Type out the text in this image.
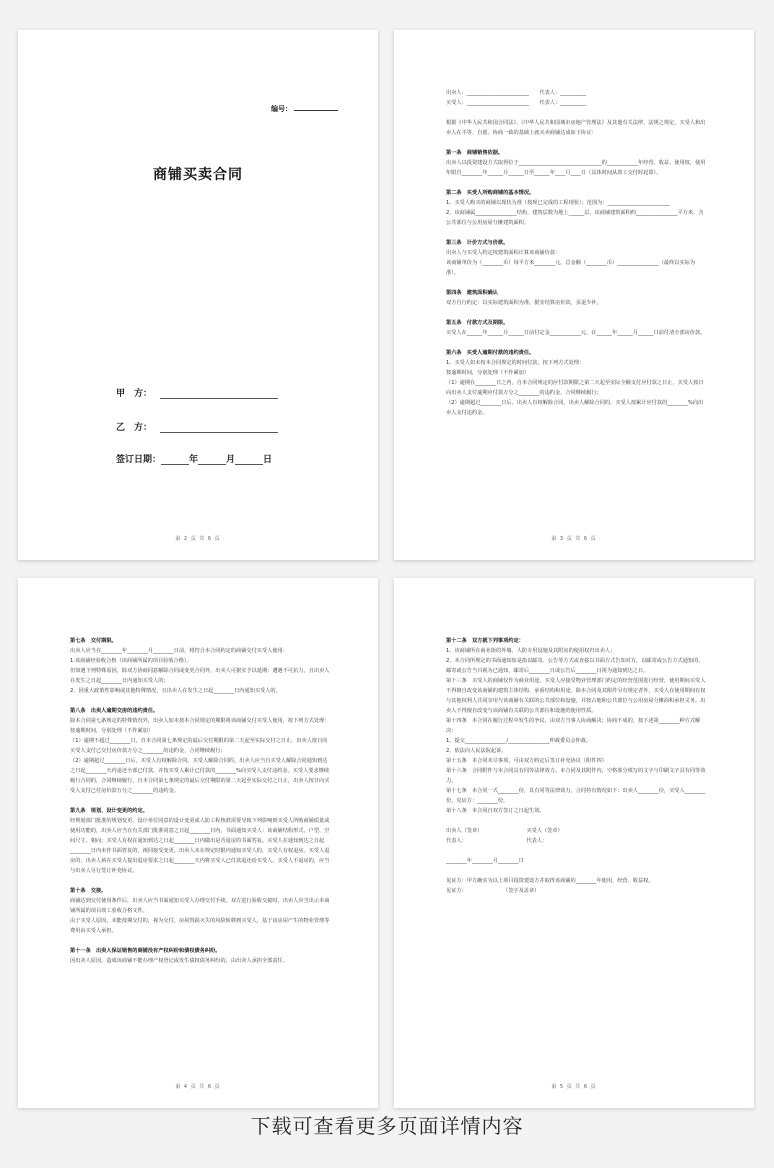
编号：
商铺买卖合同
甲　方：
乙　方：
签订日期：	年	月	日
第 2 页 共 6 页

出卖人：________________________　　代表人：__________

买受人：________________________　　代表人：__________

根据《中华人民共和国合同法》、《中华人民共和国城市房地产管理法》及其他有关法律、法规之规定，买受人和出卖人在平等、自愿、协商一致的基础上就买卖商铺达成如下协议：

第一条　商铺销售依据。

出卖人以投资建设方式取得位于________________________________的____________年经营、收益、使用权，使用年限自________年______月______日至______年____月____日（具体时间从竣工交付时起算）。

第二条　买受人所购商铺的基本情况。

1、买受人购买的商铺以现状为准（按现已完成的工程现状）；范围为：________________________

2、该商铺属________________结构，建筑层数为地上______层。该商铺建筑面积约________________平方米，含公共部位与公用房屋分摊建筑面积。

第三条　计价方式与价款。

出卖人与买受人约定按建筑面积计算该商铺价款：

该商铺单价为（________币）每平方米________元，总金额（________币）________________（最终以实际为准）。

第四条　建筑面积确认

双方自行约定：以实际建筑面积为准，据实结算房价款，多退少补。

第五条　付款方式及期限。

买受人在______年______月______日前付定金____________元，在______年______月______日前付清全部房价款。

第六条　买受人逾期付款的违约责任。

1、买受人如未按本合同规定的时间付款，按下列方式处理：

按逾期时间，分别处理（不作累加）

（1）逾期在________日之内，自本合同规定的应付款期限之第二天起至实际全额支付应付款之日止，买受人按日向出卖人支付逾期应付款万分之________的违约金，合同继续履行；

（2）逾期超过________日后，出卖人有权解除合同。出卖人解除合同的，买受人按累计应付款的________%向出卖人支付违约金。

第 3 页 共 6 页

第七条　交付期限。

出卖人应当在________年________月________日前，将符合本合同约定的商铺交付买受人使用：

1.该商铺经验收合格（该商铺所属的项目验收合格）。

但如遇下列特殊原因，除双方协商同意解除合同或变更合同外，出卖人可据实予以延期：遭遇不可抗力，且出卖人在发生之日起________日内通知买受人的；

2、因重大政策性影响或其他特殊情况，且出卖人在发生之日起________日内通知买受人的。

第八条　出卖人逾期交房的违约责任。

除本合同第七条规定的特殊情况外，出卖人如未按本合同规定的期限将该商铺交付买受人使用，按下列方式处理：

按逾期时间，分别处理（不作累加）

（1）逾期不超过________日，自本合同第七条规定的最后交付期限的第二天起至实际交付之日止，出卖人按日向买受人支付已交付房价款万分之________的违约金，合同继续履行；

（2）逾期超过________日后，买受人有权解除合同。买受人解除合同的，出卖人应当自买受人解除合同通知到达之日起________天内退还全部已付款，并按买受人累计已付款的________%向买受人支付违约金。买受人要求继续履行合同的，合同继续履行，自本合同第七条规定的最后交付期限的第二天起至实际交付之日止，出卖人按日向买受人支付已付房价款万分之________的违约金。

第九条　规划、设计变更的约定。

经规划部门批准的规划变更、设计单位同意的设计变更或人防工程核准需要导致下列影响到买受人所购商铺质量或使用功能的，出卖人应当在有关部门批准同意之日起________日内，书面通知买受人：该商铺结构形式、户型、空间尺寸、朝向；买受人有权在通知到达之日起________日内做出是否退房的书面答复。买受人在通知到达之日起________日内未作书面答复的，视同接受变更。出卖人未在规定时限内通知买受人的，买受人有权退房。买受人退房的，出卖人须在买受人提出退房要求之日起________天内将买受人已付款退还给买受人。买受人不退房的，应当与出卖人另行签订补充协议。

第十条　交接。

商铺达到交付使用条件后，出卖人应当书面通知买受人办理交付手续。双方进行验收交接时，出卖人应当出示本商铺所属的项目竣工验收合格文件。

由于买受人原因，未能按期交付的，视为交付，房屋毁损灭失的风险转移到买受人，基于该房屋产生的物业管理等费用由买受人承担。

第十一条　出卖人保证销售的商铺没有产权纠纷和债权债务纠纷。

因出卖人原因，造成该商铺不能办理产权登记或发生债权债务纠纷的，由出卖人承担全部责任。

第 4 页 共 6 页

第十二条　双方就下列事项约定：

1、该商铺所在商业街的外墙、人防专用设施及其附房的使用权归出卖人；

2、本合同所规定的书面通知如是指以邮寄、公告等方式或直接以书面方式告知对方，以邮寄或公告方式通知的，邮寄或公告当日视为已通知，邮寄后________日或公告后________日视为通知到达之日。

第十三条　买受人的商铺仅作为商业用途，买受人应接受物业管理部门约定的经营范围进行经营，使用期间买受人不得擅自改变该商铺的建筑主体结构、承重结构和用途。除本合同及其附件另有规定者外，买受人在使用期间有权与其他权利人共同享用与该商铺有关联的公共部位和设施，并按占地和公共部位与公用房屋分摊面积承担义务。出卖人不得擅自改变与该商铺有关联的公共部位和设施的使用性质。

第十四条　本合同在履行过程中发生的争议，由双方当事人协商解决；协商不成的，按下述第________种方式解决：

1、提交________________/________________仲裁委员会仲裁。

2、依法向人民法院起诉。

第十五条　本合同未尽事项，可由双方约定后签订补充协议（附件四）

第十六条　合同附件与本合同具有同等法律效力。本合同及其附件内，空格部分填写的文字与印刷文字具有同等效力。

第十七条　本合同一式________份，具有同等法律效力，合同持有情况如下：出卖人________份，买受人________份，见证方：________份。

第十八条　本合同自双方签订之日起生效。

出卖人（签章）　　　　　　　　　买受人（签章）

代表人：　　　　　　　　　　　　代表人：

________年________月________日

见证方：甲方确实为以上项目投资建设方并取得该商铺的________年使用、经营、收益权。

见证方：　　　　　　　　（签字及盖章）

第 5 页 共 6 页
下载可查看更多页面详情内容
